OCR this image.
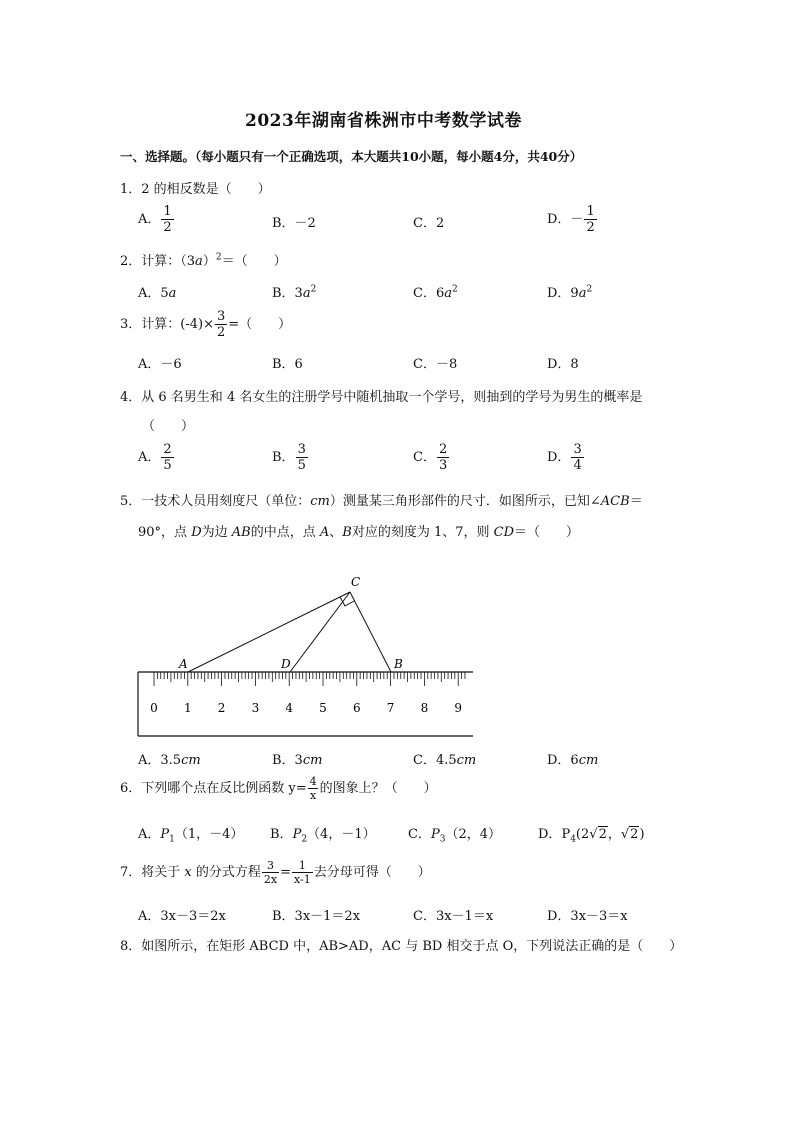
2023年湖南省株洲市中考数学试卷
一、选择题。（每小题只有一个正确选项，本大题共10小题，每小题4分，共40分）
1．2 的相反数是（　　）
A． $\frac{1}{2}$	B．－2	C．2	D．－ $\frac{1}{2}$
2．计算：$(3a)^2=$（　　）
A．5a	B．$3a^2$	C．$6a^2$	D．$9a^2$
3．计算：$(-4)\times \frac{3}{2}$ =（　　）
A．－6	B．6	C．－8	D．8
4．从 6 名男生和 4 名女生的注册学号中随机抽取一个学号，则抽到的学号为男生的概率是
（　　）
A． $\frac{2}{5}$	B． $\frac{3}{5}$	C． $\frac{2}{3}$	D． $\frac{3}{4}$
5．一技术人员用刻度尺（单位：cm）测量某三角形部件的尺寸．如图所示，已知∠ACB＝
90°，点 D为边 AB的中点，点 A、B对应的刻度为 1、7，则 CD＝（　　）
C
A	D	B
0 1 2 3 4 5 6 7 8 9
A．3.5cm	B．3cm	C．4.5cm	D．6cm
6．下列哪个点在反比例函数 $y= \frac{4}{x}$ 的图象上？（　　）
A．$P_1(1$，－4） B．$P_2(4$，－1） C．$P_3(2$，4）	D．$P_4(2√2$，√2)
7．将关于 x 的分式方程 $\frac{3}{2x} = \frac{1}{x-1}$ 去分母可得（　　）
A．3x－3＝2x	B．3x－1＝2x	C．3x－1＝x	D．3x－3＝x
8．如图所示，在矩形 ABCD 中，AB>AD，AC 与 BD 相交于点 O，下列说法正确的是（　　）
